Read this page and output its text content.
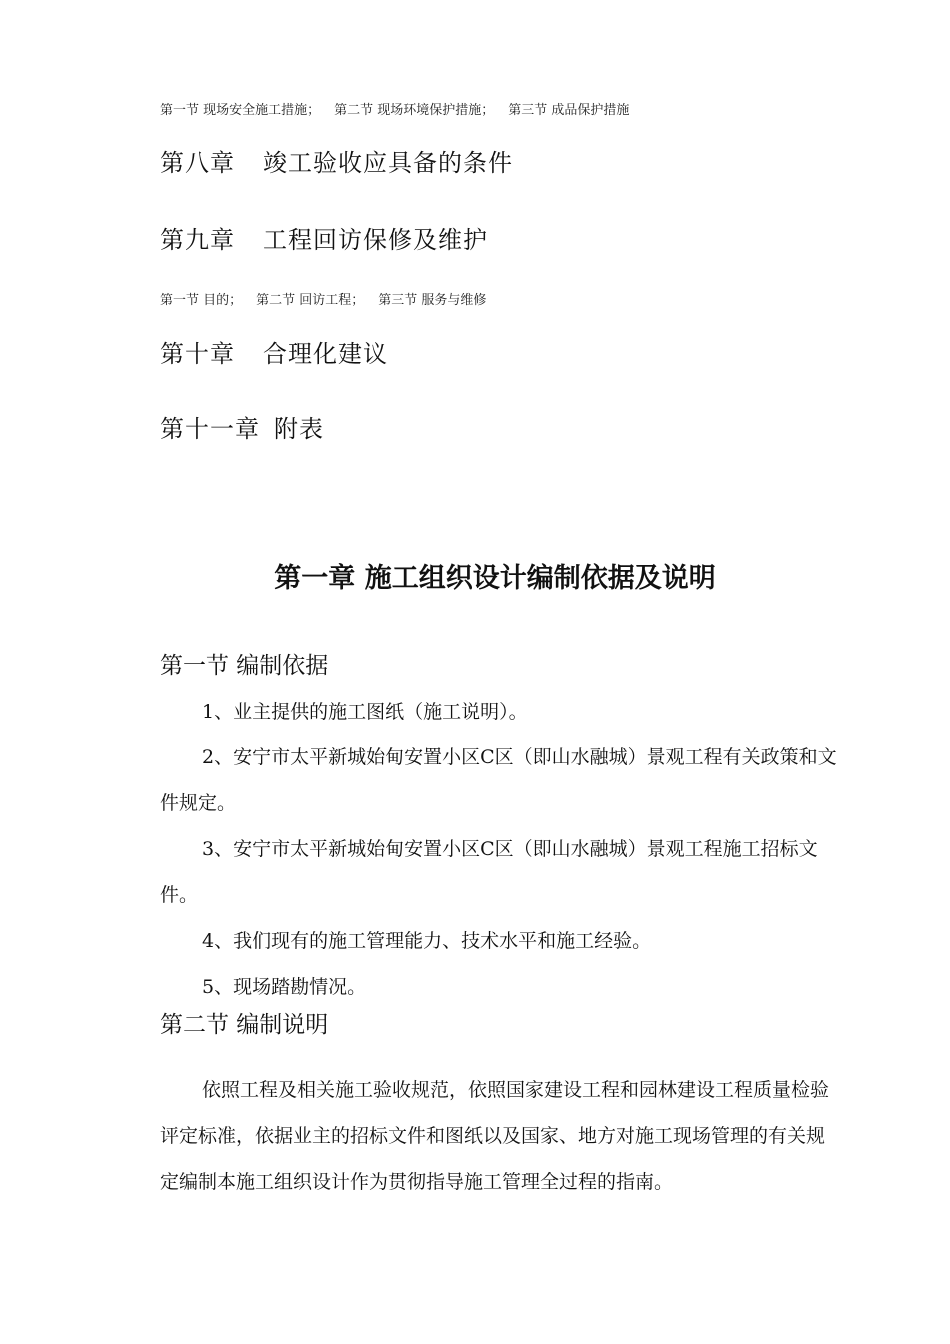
第一节 现场安全施工措施； 第二节 现场环境保护措施； 第三节 成品保护措施

第八章 竣工验收应具备的条件

第九章 工程回访保修及维护

第一节 目的； 第二节 回访工程； 第三节 服务与维修

第十章 合理化建议

第十一章 附表

第一章 施工组织设计编制依据及说明
第一节 编制依据

1、业主提供的施工图纸（施工说明）。

2、安宁市太平新城始甸安置小区C区（即山水融城）景观工程有关政策和文件规定。

3、安宁市太平新城始甸安置小区C区（即山水融城）景观工程施工招标文件。

4、我们现有的施工管理能力、技术水平和施工经验。

5、现场踏勘情况。

第二节 编制说明

依照工程及相关施工验收规范，依照国家建设工程和园林建设工程质量检验评定标准，依据业主的招标文件和图纸以及国家、地方对施工现场管理的有关规定编制本施工组织设计作为贯彻指导施工管理全过程的指南。
